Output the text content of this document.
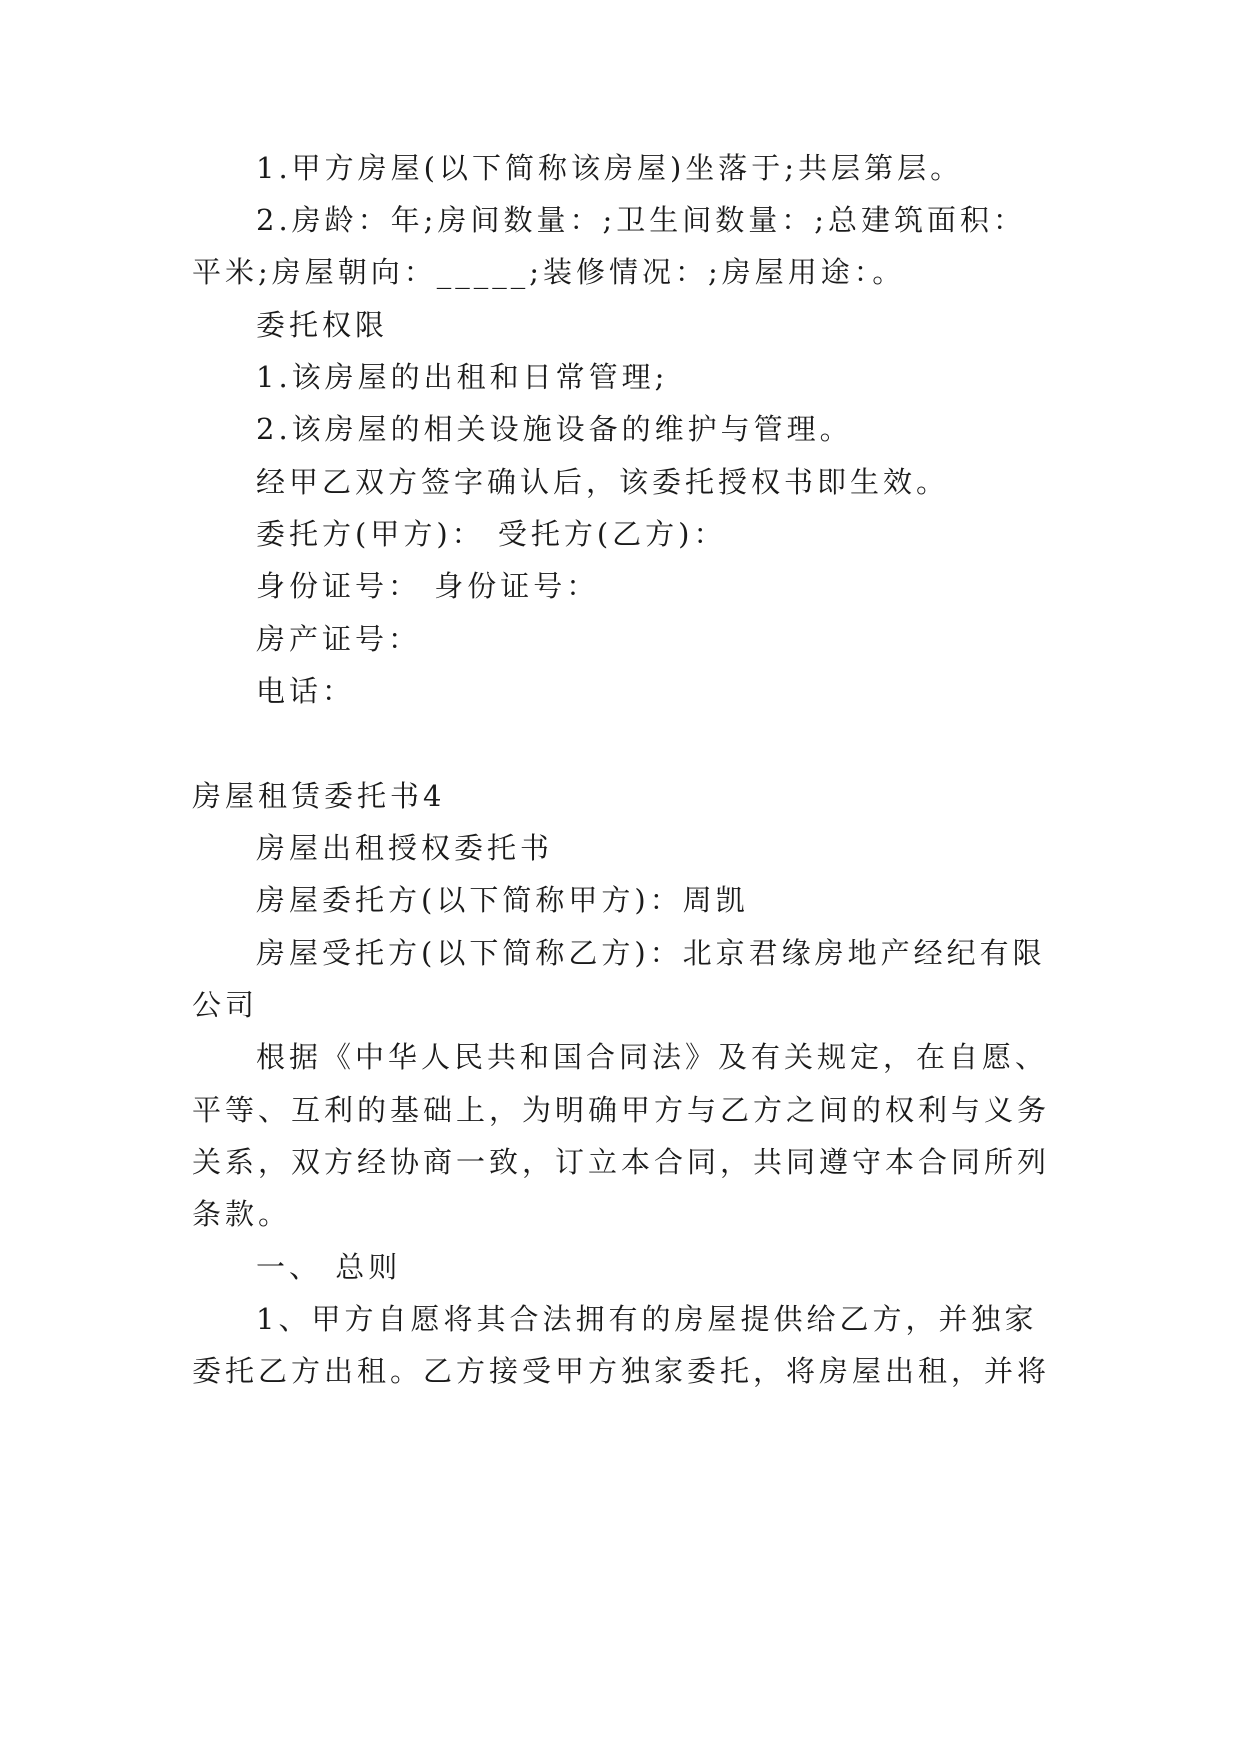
1.甲方房屋(以下简称该房屋)坐落于;共层第层。
2.房龄：年;房间数量：;卫生间数量：;总建筑面积：
平米;房屋朝向：_____;装修情况：;房屋用途：。
委托权限
1.该房屋的出租和日常管理;
2.该房屋的相关设施设备的维护与管理。
经甲乙双方签字确认后，该委托授权书即生效。
委托方(甲方)： 受托方(乙方)：
身份证号： 身份证号：
房产证号：
电话：
房屋租赁委托书4
房屋出租授权委托书
房屋委托方(以下简称甲方)：周凯
房屋受托方(以下简称乙方)：北京君缘房地产经纪有限
公司
根据《中华人民共和国合同法》及有关规定，在自愿、
平等、互利的基础上，为明确甲方与乙方之间的权利与义务
关系，双方经协商一致，订立本合同，共同遵守本合同所列
条款。
一、 总则
1、甲方自愿将其合法拥有的房屋提供给乙方，并独家
委托乙方出租。乙方接受甲方独家委托，将房屋出租，并将
